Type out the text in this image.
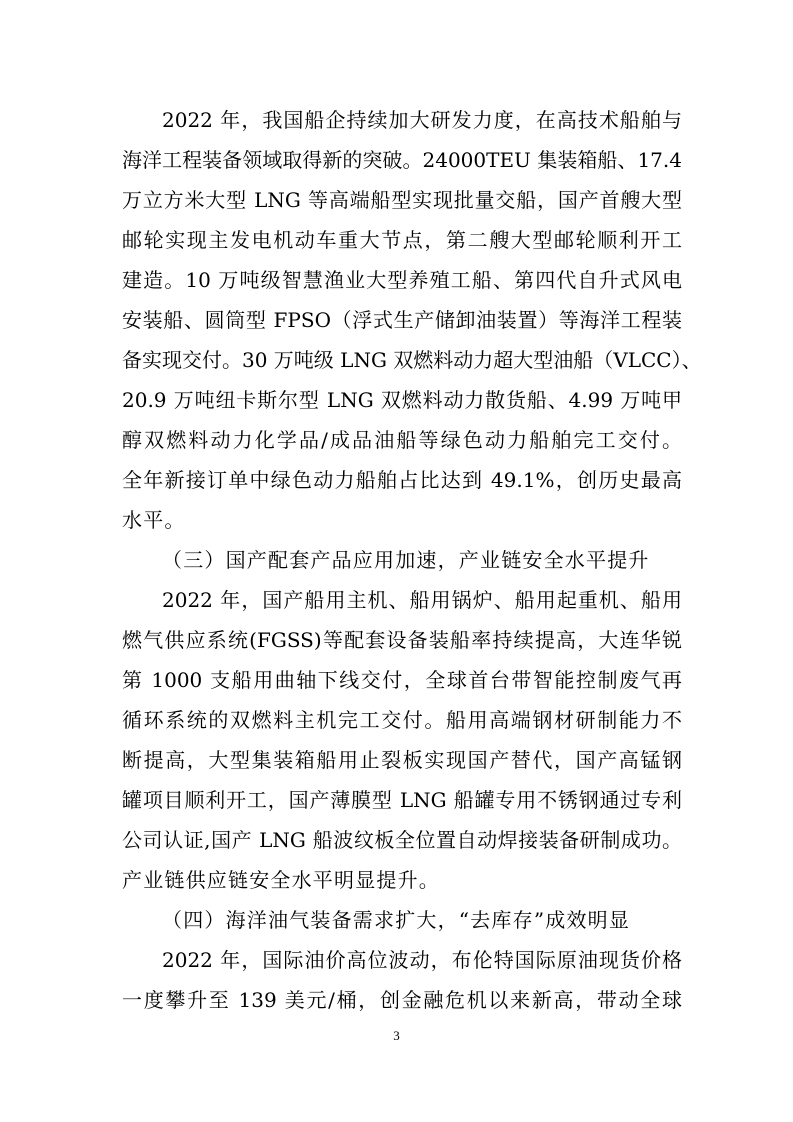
2022 年，我国船企持续加大研发力度，在高技术船舶与
海洋工程装备领域取得新的突破。24000TEU 集装箱船、17.4
万立方米大型 LNG 等高端船型实现批量交船，国产首艘大型
邮轮实现主发电机动车重大节点，第二艘大型邮轮顺利开工
建造。10 万吨级智慧渔业大型养殖工船、第四代自升式风电
安装船、圆筒型 FPSO（浮式生产储卸油装置）等海洋工程装
备实现交付。30 万吨级 LNG 双燃料动力超大型油船（VLCC）、
20.9 万吨纽卡斯尔型 LNG 双燃料动力散货船、4.99 万吨甲
醇双燃料动力化学品/成品油船等绿色动力船舶完工交付。
全年新接订单中绿色动力船舶占比达到 49.1%，创历史最高
水平。
（三）国产配套产品应用加速，产业链安全水平提升
2022 年，国产船用主机、船用锅炉、船用起重机、船用
燃气供应系统(FGSS)等配套设备装船率持续提高，大连华锐
第 1000 支船用曲轴下线交付，全球首台带智能控制废气再
循环系统的双燃料主机完工交付。船用高端钢材研制能力不
断提高，大型集装箱船用止裂板实现国产替代，国产高锰钢
罐项目顺利开工，国产薄膜型 LNG 船罐专用不锈钢通过专利
公司认证,国产 LNG 船波纹板全位置自动焊接装备研制成功。
产业链供应链安全水平明显提升。
（四）海洋油气装备需求扩大，“去库存”成效明显
2022 年，国际油价高位波动，布伦特国际原油现货价格
一度攀升至 139 美元/桶，创金融危机以来新高，带动全球
3
